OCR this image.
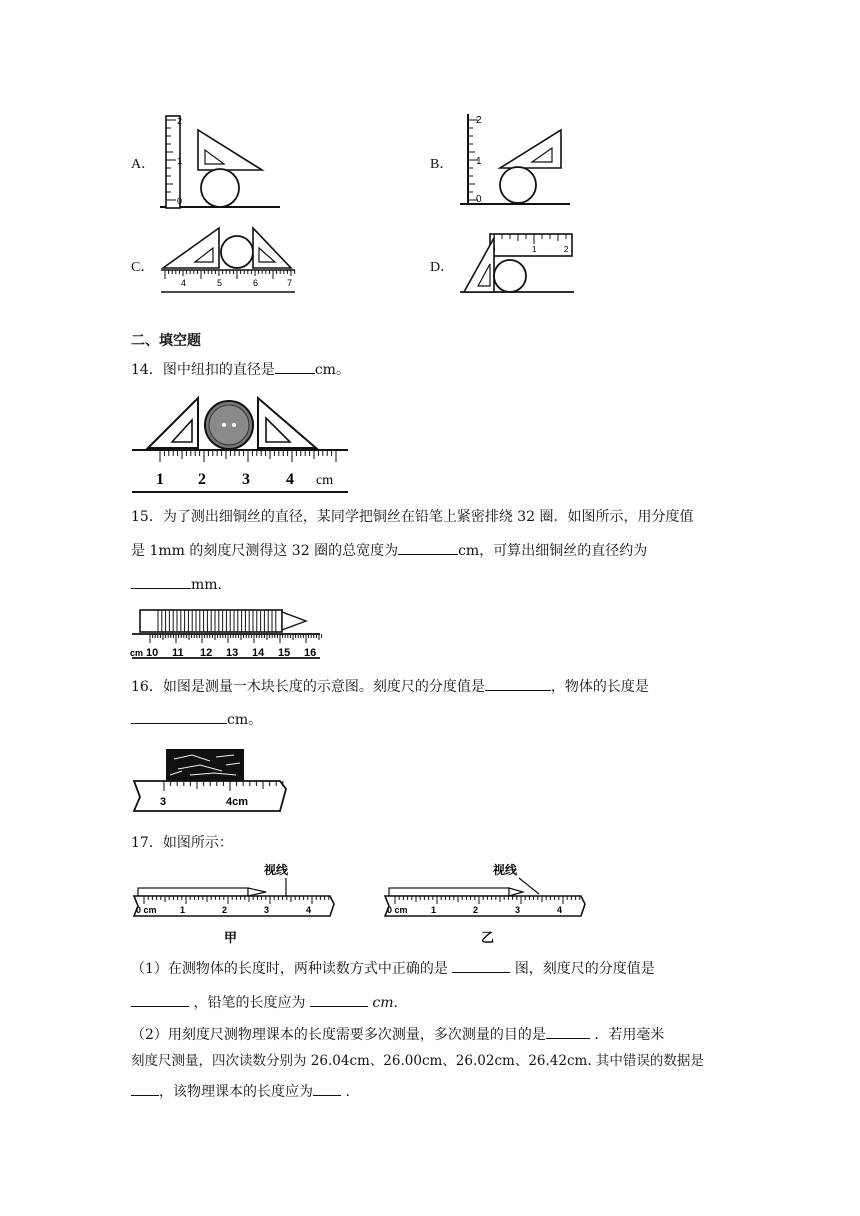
A．	B．
C．	D．
2
1
0
2
1
0
4	5	6	7
1	2
二、填空题
14．图中纽扣的直径是	cm。
1 2 3 4 cm
15．为了测出细铜丝的直径，某同学把铜丝在铅笔上紧密排绕 32 圈．如图所示，用分度值
是 1mm 的刻度尺测得这 32 圈的总宽度为	cm，可算出细铜丝的直径约为
mm.
cm 10 11 12 13 14 15 16
16．如图是测量一木块长度的示意图。刻度尺的分度值是	，物体的长度是
cm。
3	4cm
17．如图所示：
视线
0 cm	1	2	3	4
甲
视线
0 cm	1	2	3	4
乙
（1）在测物体的长度时，两种读数方式中正确的是	图，刻度尺的分度值是
，铅笔的长度应为	cm.
（2）用刻度尺测物理课本的长度需要多次测量，多次测量的目的是	．若用毫米
刻度尺测量，四次读数分别为 26.04cm、26.00cm、26.02cm、26.42cm. 其中错误的数据是
，该物理课本的长度应为 .
